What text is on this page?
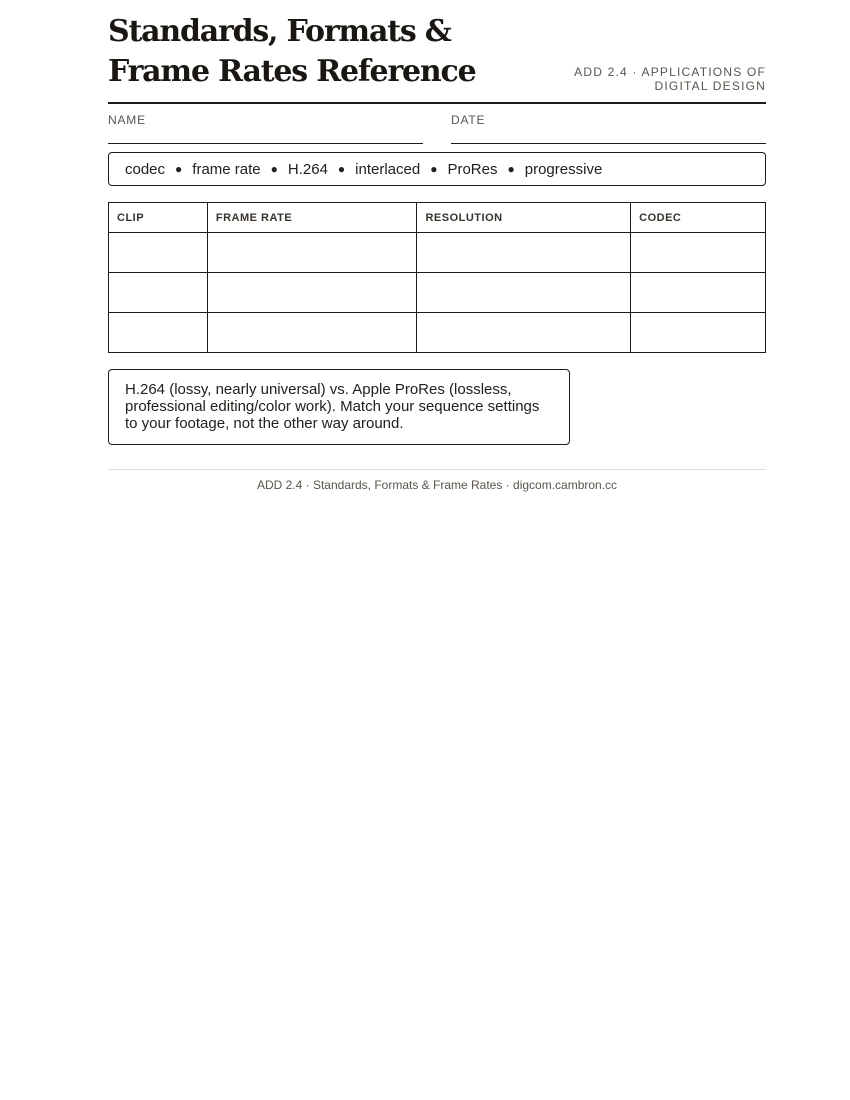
Standards, Formats & Frame Rates Reference	ADD 2.4 · APPLICATIONS OF
DIGITAL DESIGN
NAME	DATE
codec ● frame rate ● H.264 ● interlaced ● ProRes ● progressive
CLIP	FRAME RATE	RESOLUTION	CODEC

H.264 (lossy, nearly universal) vs. Apple ProRes (lossless, professional editing/color work). Match your sequence settings to your footage, not the other way around.
ADD 2.4 · Standards, Formats & Frame Rates · digcom.cambron.cc
